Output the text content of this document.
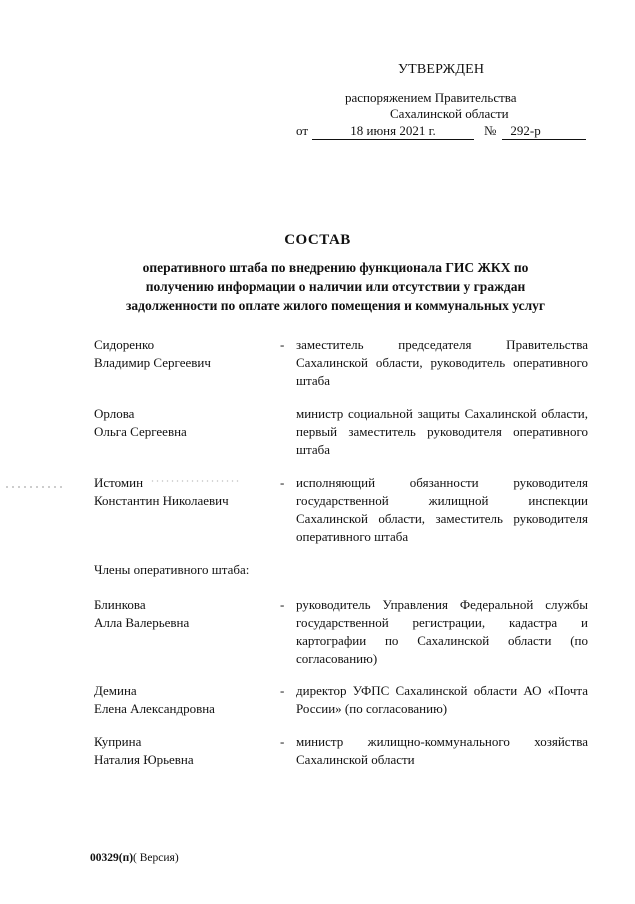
УТВЕРЖДЕН
распоряжением Правительства
Сахалинской области
от	18 июня 2021 г.	№ 292-р
СОСТАВ
оперативного штаба по внедрению функционала ГИС ЖКХ по получению информации о наличии или отсутствии у граждан задолженности по оплате жилого помещения и коммунальных услуг
Сидоренко
Владимир Сергеевич
- заместитель председателя Правительства Сахалинской области, руководитель оперативного штаба
Орлова
Ольга Сергеевна
министр социальной защиты Сахалинской области, первый заместитель руководителя оперативного штаба
Истомин
Константин Николаевич
- исполняющий обязанности руководителя государственной жилищной инспекции Сахалинской области, заместитель руководителя оперативного штаба
Члены оперативного штаба:
Блинкова
Алла Валерьевна
- руководитель Управления Федеральной службы государственной регистрации, кадастра и картографии по Сахалинской области (по согласованию)
Демина
Елена Александровна
- директор УФПС Сахалинской области АО «Почта России» (по согласованию)
Куприна
Наталия Юрьевна
- министр жилищно-коммунального хозяйства Сахалинской области
00329(п)( Версия)
